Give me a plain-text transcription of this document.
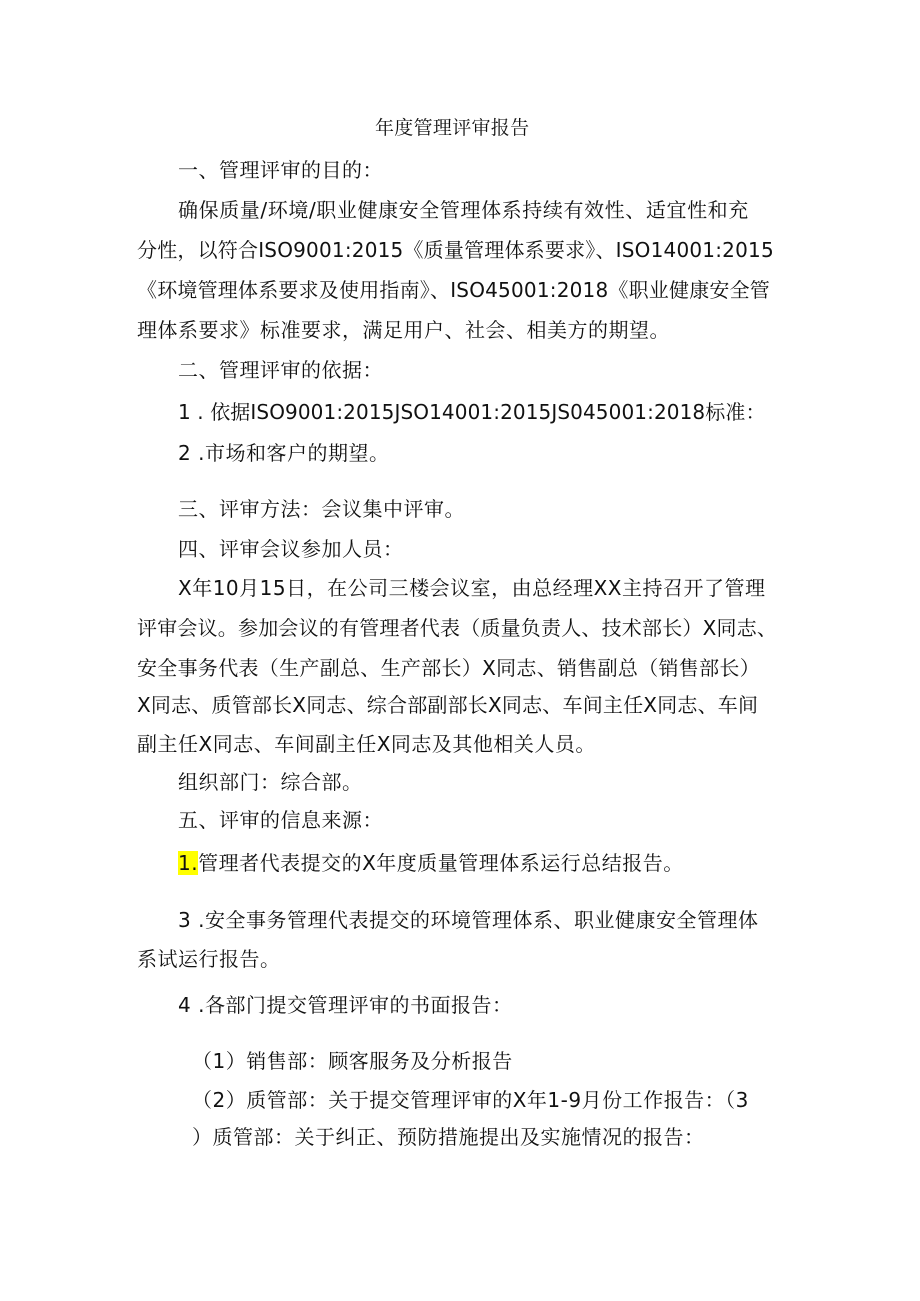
年度管理评审报告
一、管理评审的目的：
确保质量/环境/职业健康安全管理体系持续有效性、适宜性和充
分性，以符合ISO9001:2015《质量管理体系要求》、ISO14001:2015
《环境管理体系要求及使用指南》、ISO45001:2018《职业健康安全管
理体系要求》标准要求，满足用户、社会、相美方的期望。
二、管理评审的依据：
1 . 依据ISO9001:2015JSO14001:2015JS045001:2018标准：
2 .市场和客户的期望。
三、评审方法：会议集中评审。
四、评审会议参加人员：
X年10月15日，在公司三楼会议室，由总经理XX主持召开了管理
评审会议。参加会议的有管理者代表（质量负责人、技术部长）X同志、
安全事务代表（生产副总、生产部长）X同志、销售副总（销售部长）
X同志、质管部长X同志、综合部副部长X同志、车间主任X同志、车间
副主任X同志、车间副主任X同志及其他相关人员。
组织部门：综合部。
五、评审的信息来源：
1.管理者代表提交的X年度质量管理体系运行总结报告。
3 .安全事务管理代表提交的环境管理体系、职业健康安全管理体
系试运行报告。
4 .各部门提交管理评审的书面报告：
（1）销售部：顾客服务及分析报告
（2）质管部：关于提交管理评审的X年1-9月份工作报告：（3
）质管部：关于纠正、预防措施提出及实施情况的报告：
